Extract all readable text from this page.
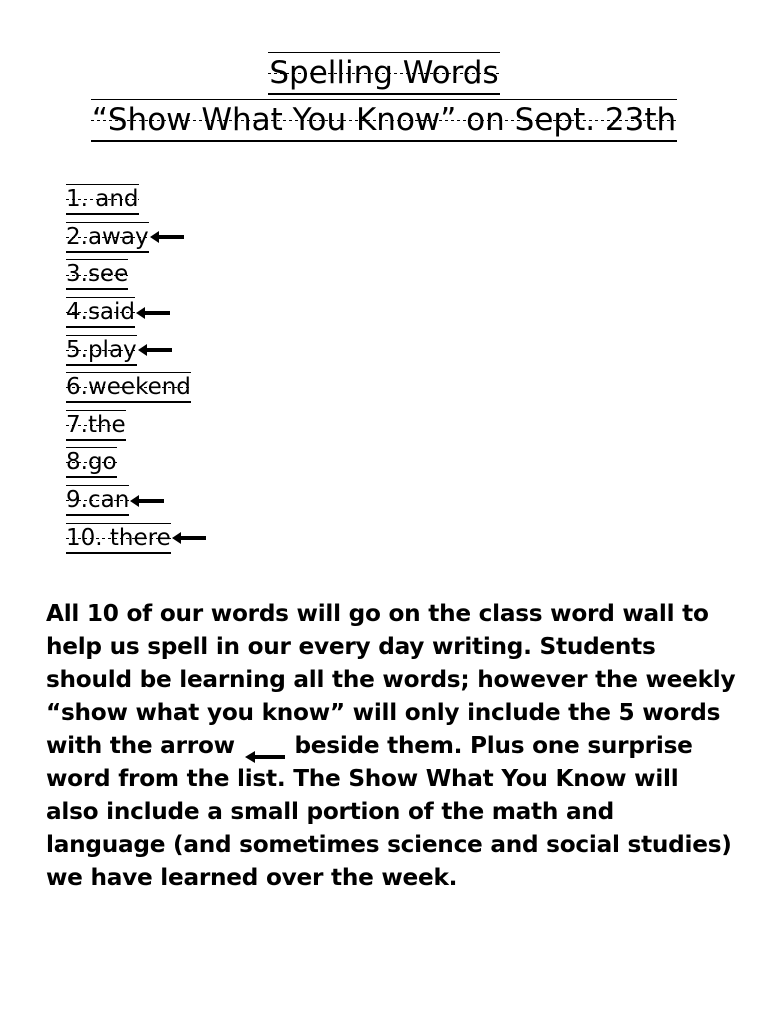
Spelling Words
“Show What You Know” on Sept. 23th
1. and
2.away
3.see
4.said
5.play
6.weekend
7.the
8.go
9.can
10. there

All 10 of our words will go on the class word wall to help us spell in our every day writing. Students should be learning all the words; however the weekly “show what you know” will only include the 5 words with the arrow	beside them. Plus one surprise word from the list. The Show What You Know will also include a small portion of the math and language (and sometimes science and social studies) we have learned over the week.
